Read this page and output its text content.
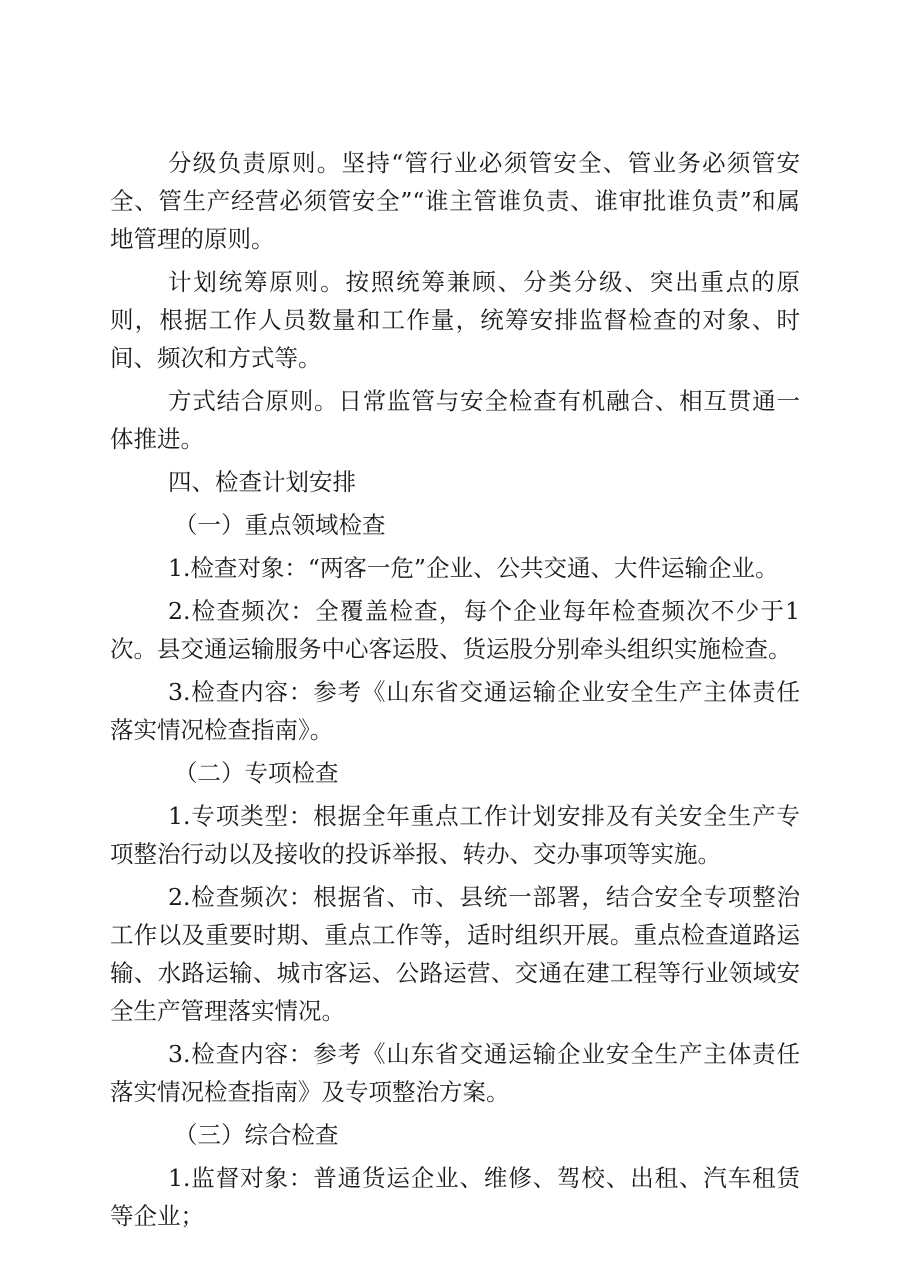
分级负责原则。坚持“管行业必须管安全、管业务必须管安全、管生产经营必须管安全”“谁主管谁负责、谁审批谁负责”和属地管理的原则。

计划统筹原则。按照统筹兼顾、分类分级、突出重点的原则，根据工作人员数量和工作量，统筹安排监督检查的对象、时间、频次和方式等。

方式结合原则。日常监管与安全检查有机融合、相互贯通一体推进。

四、检查计划安排

（一）重点领域检查

1.检查对象：“两客一危”企业、公共交通、大件运输企业。

2.检查频次：全覆盖检查，每个企业每年检查频次不少于1次。县交通运输服务中心客运股、货运股分别牵头组织实施检查。

3.检查内容：参考《山东省交通运输企业安全生产主体责任落实情况检查指南》。

（二）专项检查

1.专项类型：根据全年重点工作计划安排及有关安全生产专项整治行动以及接收的投诉举报、转办、交办事项等实施。

2.检查频次：根据省、市、县统一部署，结合安全专项整治工作以及重要时期、重点工作等，适时组织开展。重点检查道路运输、水路运输、城市客运、公路运营、交通在建工程等行业领域安全生产管理落实情况。

3.检查内容：参考《山东省交通运输企业安全生产主体责任落实情况检查指南》及专项整治方案。

（三）综合检查

1.监督对象：普通货运企业、维修、驾校、出租、汽车租赁等企业；
